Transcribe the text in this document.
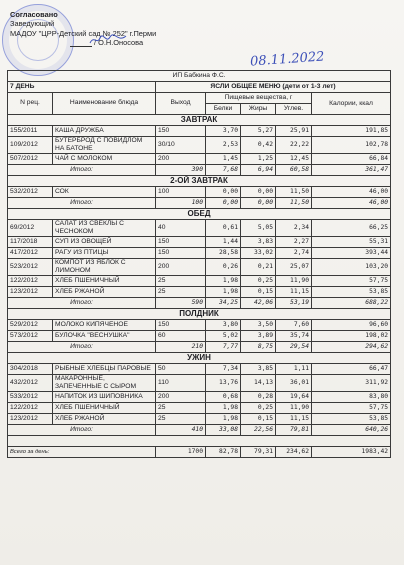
Согласовано
Заведующий
МАДОУ "ЦРР-Детский сад № 252" г.Перми
/ О.Н.Оносова
08.11.2022
ИП Бабкина Ф.С.						
7 ДЕНЬ		ЯСЛИ ОБЩЕЕ МЕНЮ (дети от 1-3 лет)				
N рец.	Наименование блюда	Выход	Пищевые вещества, г			Калории, ккал
			Белки	Жиры	Углев.	
ЗАВТРАК						
155/2011	КАША ДРУЖБА	150	3,70	5,27	25,91	191,85
109/2012	БУТЕРБРОД С ПОВИДЛОМ НА БАТОНЕ	30/10	2,53	0,42	22,22	102,78
507/2012	ЧАЙ С МОЛОКОМ	200	1,45	1,25	12,45	66,84
Итого:		390	7,68	6,94	60,58	361,47
2-ОЙ ЗАВТРАК						
532/2012	СОК	100	0,00	0,00	11,50	46,00
Итого:		100	0,00	0,00	11,50	46,00
ОБЕД						
69/2012	САЛАТ ИЗ СВЕКЛЫ С ЧЕСНОКОМ	40	0,61	5,05	2,34	66,25
117/2018	СУП ИЗ ОВОЩЕЙ	150	1,44	3,83	2,27	55,31
417/2012	РАГУ ИЗ ПТИЦЫ	150	28,58	33,02	2,74	393,44
523/2012	КОМПОТ ИЗ ЯБЛОК С ЛИМОНОМ	200	0,26	0,21	25,07	103,20
122/2012	ХЛЕБ ПШЕНИЧНЫЙ	25	1,98	0,25	11,90	57,75
123/2012	ХЛЕБ РЖАНОЙ	25	1,98	0,15	11,15	53,85
Итого:		590	34,25	42,06	53,19	688,22
ПОЛДНИК						
529/2012	МОЛОКО КИПЯЧЕНОЕ	150	3,80	3,50	7,60	96,60
573/2012	БУЛОЧКА "ВЕСНУШКА"	60	5,02	3,89	35,74	198,02
Итого:		210	7,77	8,75	29,54	294,62
УЖИН						
304/2018	РЫБНЫЕ ХЛЕБЦЫ ПАРОВЫЕ	50	7,34	3,85	1,11	66,47
432/2012	МАКАРОННЫЕ, ЗАПЕЧЕННЫЕ С СЫРОМ	110	13,76	14,13	36,01	311,92
533/2012	НАПИТОК ИЗ ШИПОВНИКА	200	0,68	0,28	19,64	83,80
122/2012	ХЛЕБ ПШЕНИЧНЫЙ	25	1,98	0,25	11,90	57,75
123/2012	ХЛЕБ РЖАНОЙ	25	1,98	0,15	11,15	53,85
Итого:		410	33,08	22,56	79,81	640,26

Всего за день:		1700	82,78	79,31	234,62	1983,42
